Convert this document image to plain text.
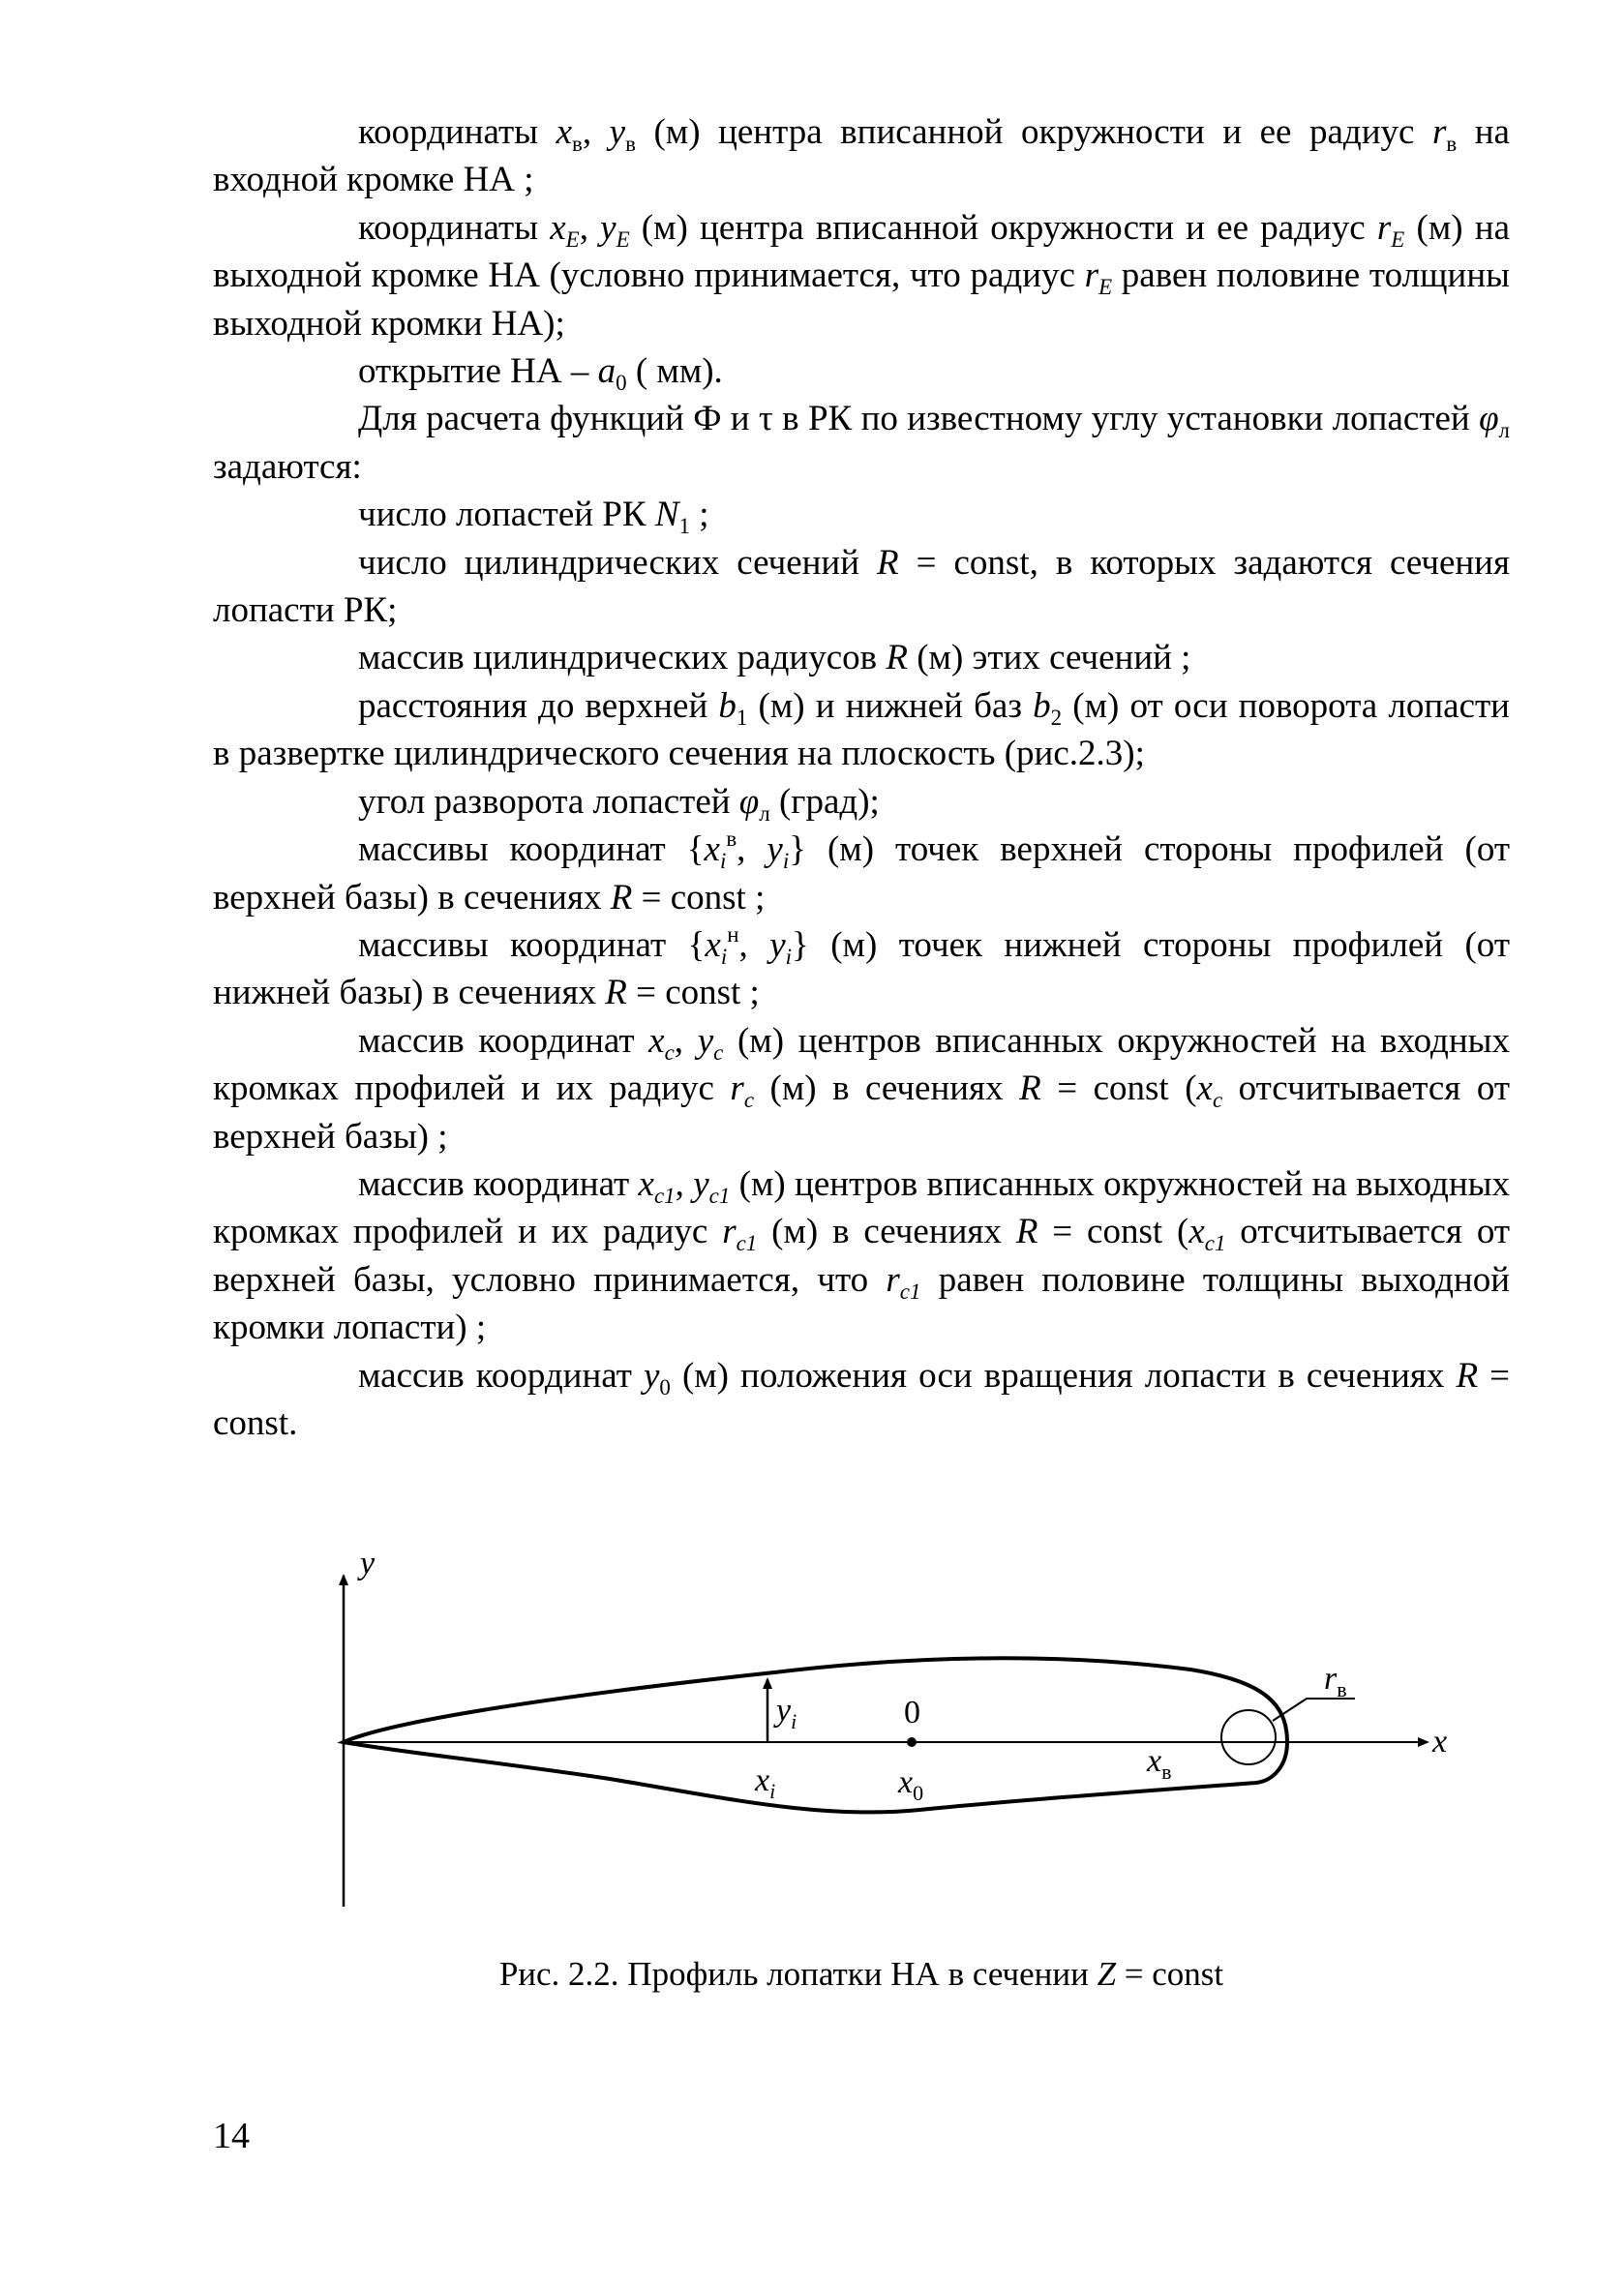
координаты $x_в$, $y_в$ (м) центра вписанной окружности и ее радиус $r_в$ на входной кромке НА ;

координаты $x_E$, $y_E$ (м) центра вписанной окружности и ее радиус $r_E$ (м) на выходной кромке НА (условно принимается, что радиус $r_E$ равен половине толщины выходной кромки НА);

открытие НА – $a_0$ ( мм).

Для расчета функций Ф и τ в РК по известному углу установки лопастей $\varphi_л$ задаются:

число лопастей РК $N_1$ ;

число цилиндрических сечений R = const, в которых задаются сечения лопасти РК;

массив цилиндрических радиусов R (м) этих сечений ;

расстояния до верхней $b_1$ (м) и нижней баз $b_2$ (м) от оси поворота лопасти в развертке цилиндрического сечения на плоскость (рис.2.3);

угол разворота лопастей $\varphi_л$ (град);

массивы координат {$x_i^в$, $y_i$} (м) точек верхней стороны профилей (от верхней базы) в сечениях R = const ;

массивы координат {$x_i^н$, $y_i$} (м) точек нижней стороны профилей (от нижней базы) в сечениях R = const ;

массив координат $x_c$, $y_c$ (м) центров вписанных окружностей на входных кромках профилей и их радиус $r_c$ (м) в сечениях R = const ($x_c$ отсчитывается от верхней базы) ;

массив координат $x_{c1}$, $y_{c1}$ (м) центров вписанных окружностей на выходных кромках профилей и их радиус $r_{c1}$ (м) в сечениях R = const ($x_{c1}$ отсчитывается от верхней базы, условно принимается, что $r_{c1}$ равен половине толщины выходной кромки лопасти) ;

массив координат $y_0$ (м) положения оси вращения лопасти в сечениях R = const.

y
x
$y_i$
$x_i$
0
$x_0$
$x_в$
$r_в$
Рис. 2.2. Профиль лопатки НА в сечении Z = const
14
